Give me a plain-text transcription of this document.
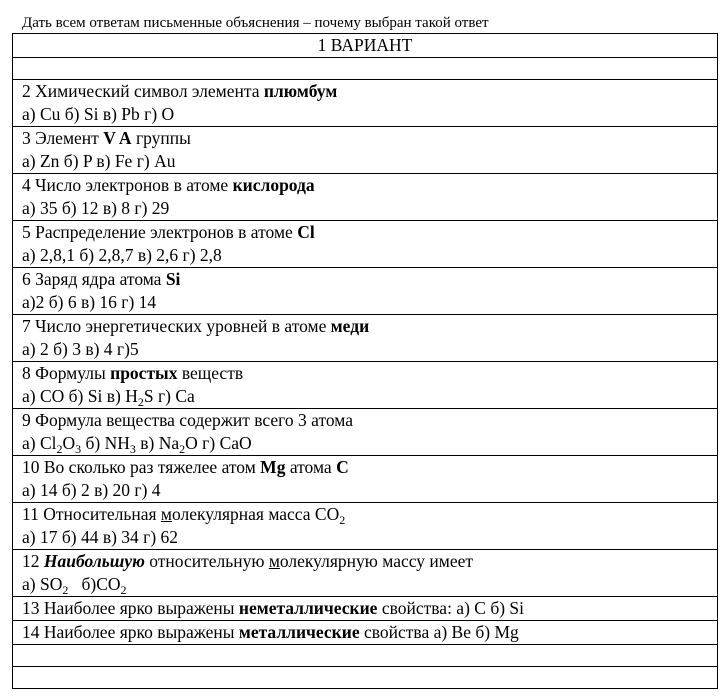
Дать всем ответам письменные объяснения – почему выбран такой ответ
1 ВАРИАНТ

2 Химический символ элемента плюмбум
а) Cu б) Si в) Pb г) O

3 Элемент V A группы
а) Zn б) P в) Fe г) Au

4 Число электронов в атоме кислорода
а) 35 б) 12 в) 8 г) 29

5 Распределение электронов в атоме Cl
а) 2,8,1 б) 2,8,7 в) 2,6 г) 2,8

6 Заряд ядра атома Si
а)2 б) 6 в) 16 г) 14

7 Число энергетических уровней в атоме меди
а) 2 б) 3 в) 4 г)5

8 Формулы простых веществ
а) CO б) Si в) $H_2S$ г) Ca

9 Формула вещества содержит всего 3 атома
а) $Cl_2O_3$ б) $NH_3$ в) $Na_2O$ г) CaO

10 Во сколько раз тяжелее атом Mg атома C
а) 14 б) 2 в) 20 г) 4

11 Относительная молекулярная масса $CO_2$
а) 17 б) 44 в) 34 г) 62

12 Наибольшую относительную молекулярную массу имеет
а) $SO_2$   $б)CO_2$

13 Наиболее ярко выражены неметаллические свойства: а) C б) Si

14 Наиболее ярко выражены металлические свойства а) Be б) Mg
